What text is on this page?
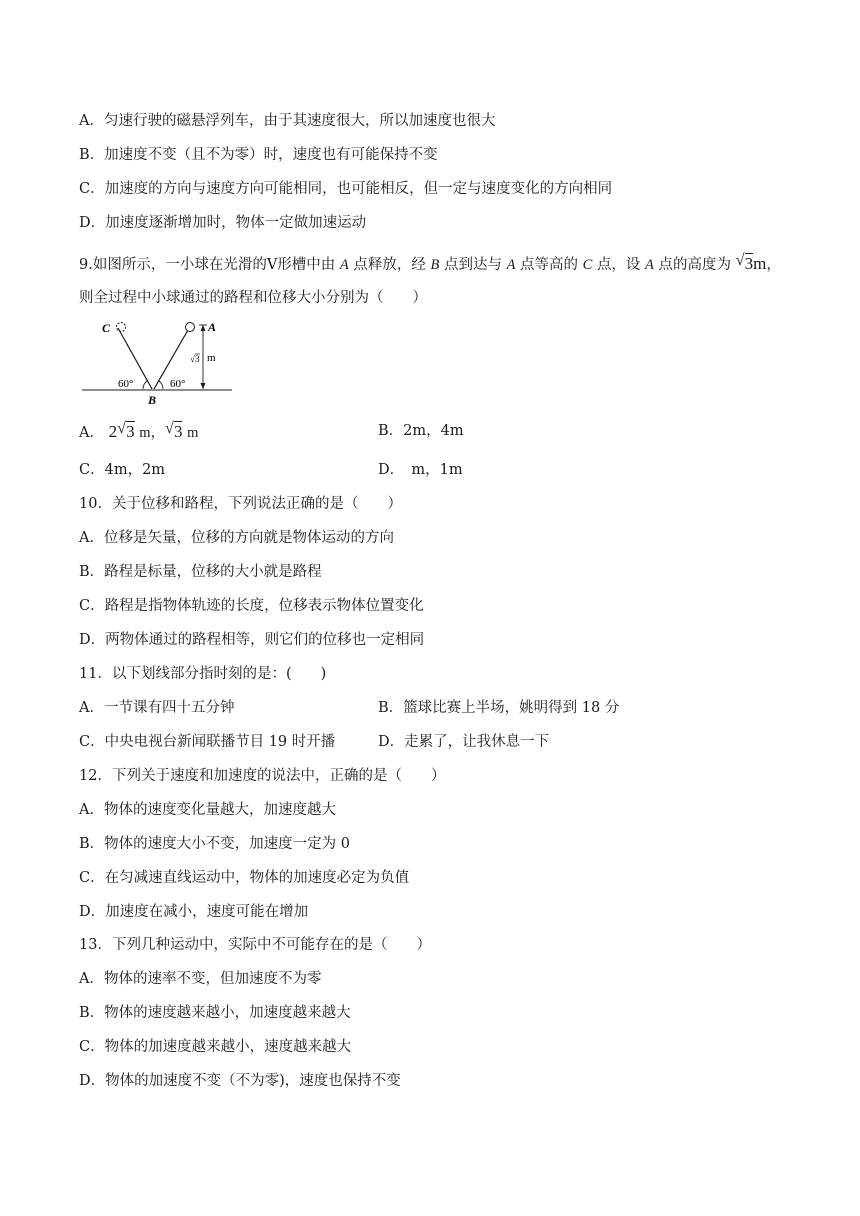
A．匀速行驶的磁悬浮列车，由于其速度很大，所以加速度也很大
B．加速度不变（且不为零）时，速度也有可能保持不变
C．加速度的方向与速度方向可能相同，也可能相反，但一定与速度变化的方向相同
D．加速度逐渐增加时，物体一定做加速运动
9.如图所示，一小球在光滑的V形槽中由 A 点释放，经 B 点到达与 A 点等高的 C 点，设 A 点的高度为 √ 3m，
则全过程中小球通过的路程和位移大小分别为（　　）
C	A
B
60°	60°
√ 3 m
A． 2 √ 3 m， √ 3 m	B．2m，4m
C．4m，2m	D．　m，1m
10．关于位移和路程，下列说法正确的是（　　）
A．位移是矢量，位移的方向就是物体运动的方向
B．路程是标量，位移的大小就是路程
C．路程是指物体轨迹的长度，位移表示物体位置变化
D．两物体通过的路程相等，则它们的位移也一定相同
11．以下划线部分指时刻的是：(　　)
A．一节课有四十五分钟	B．篮球比赛上半场，姚明得到 18 分
C．中央电视台新闻联播节目 19 时开播	D．走累了，让我休息一下
12．下列关于速度和加速度的说法中，正确的是（　　）
A．物体的速度变化量越大，加速度越大
B．物体的速度大小不变，加速度一定为 0
C．在匀减速直线运动中，物体的加速度必定为负值
D．加速度在减小，速度可能在增加
13．下列几种运动中，实际中不可能存在的是（　　）
A．物体的速率不变，但加速度不为零
B．物体的速度越来越小，加速度越来越大
C．物体的加速度越来越小，速度越来越大
D．物体的加速度不变（不为零)，速度也保持不变
